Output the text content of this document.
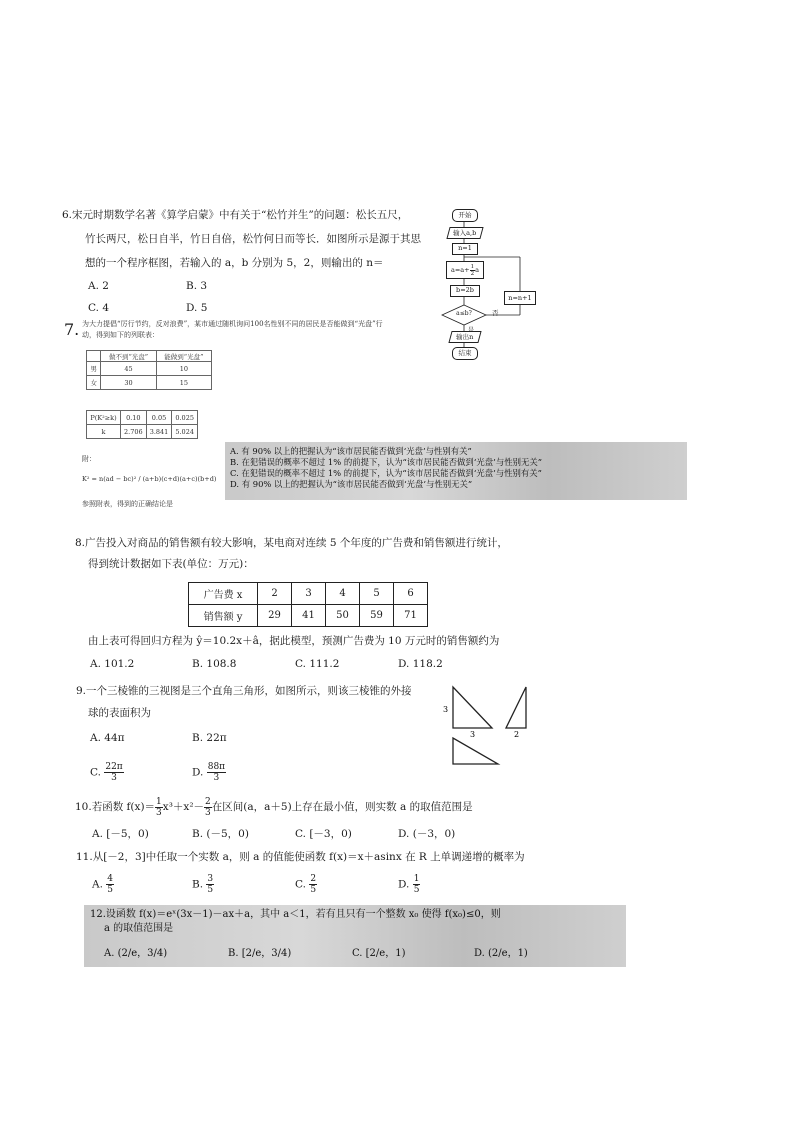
6.宋元时期数学名著《算学启蒙》中有关于“松竹并生”的问题：松长五尺，
竹长两尺，松日自半，竹日自倍，松竹何日而等长．如图所示是源于其思
想的一个程序框图，若输入的 a，b 分别为 5，2，则输出的 n＝
A. 2	B. 3
C. 4	D. 5
开始
输入a,b
n=1
$a=a+ \frac{1}{2}$ a
b=2b
a≤b?	否
n=n+1
输出n
结束
7. 为大力提倡“厉行节约，反对浪费”，某市通过随机询问100名性别不同的居民是否能做到“光盘”行
动，得到如下的列联表：
	做不到“光盘”	能做到“光盘”
男	45	10
女	30	15
P(K²≥k)	0.10	0.05	0.025
k	2.706	3.841	5.024
附：
K² = n(ad − bc)² / (a+b)(c+d)(a+c)(b+d)
参照附表，得到的正确结论是
A. 有 90% 以上的把握认为“该市居民能否做到‘光盘’与性别有关”
B. 在犯错误的概率不超过 1% 的前提下，认为“该市居民能否做到‘光盘’与性别无关”
C. 在犯错误的概率不超过 1% 的前提下，认为“该市居民能否做到‘光盘’与性别有关”
D. 有 90% 以上的把握认为“该市居民能否做到‘光盘’与性别无关”
8.广告投入对商品的销售额有较大影响，某电商对连续 5 个年度的广告费和销售额进行统计，
得到统计数据如下表(单位：万元)：
广告费 x	2	3	4	5	6
销售额 y	29	41	50	59	71
由上表可得回归方程为 ŷ＝10.2x＋â，据此模型，预测广告费为 10 万元时的销售额约为
A. 101.2	B. 108.8	C. 111.2	D. 118.2
9.一个三棱锥的三视图是三个直角三角形，如图所示，则该三棱锥的外接
球的表面积为
A. 44π	B. 22π
C. $\frac{22\pi}{3}$	D. $\frac{88\pi}{3}$
3
3	2
10.若函数 $f(x)= \frac{1}{3} x^3+x^2- \frac{2}{3}$ 在区间(a，a＋5)上存在最小值，则实数 a 的取值范围是
A. [－5，0)	B. (－5，0)	C. [－3，0)	D. (－3，0)
11.从[－2，3]中任取一个实数 a，则 a 的值能使函数 f(x)＝x＋asinx 在 R 上单调递增的概率为
A. $\frac{4}{5}$	B. $\frac{3}{5}$	C. $\frac{2}{5}$	D. $\frac{1}{5}$
12.设函数 f(x)＝eˣ(3x－1)－ax＋a，其中 a＜1，若有且只有一个整数 x₀ 使得 f(x₀)≤0，则
a 的取值范围是
A. (2/e，3/4)	B. [2/e，3/4)	C. [2/e，1)	D. (2/e，1)
